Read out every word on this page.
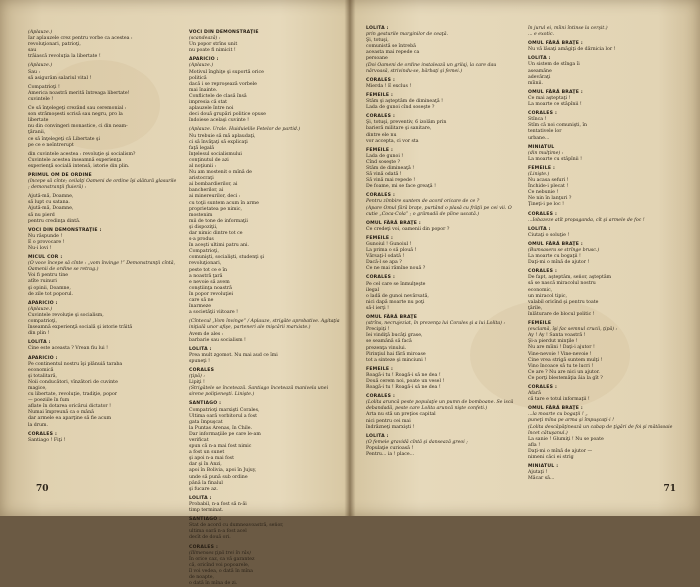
(Aplauze.)
Iar aplauzele crez pentru vorbe ca acestea :
revoluţionari, patrioţi,
sau
trăiască revoluţia la libertate !
(Aplauze.)
Sau :
să asigurăm salariul vital !
Compatrioţi !
America noastră merită întreaga libertate!
cuvintele !
Ce să înţelegeţi crezând sau ceremonial :
son strămoşesti scrisă sau negru, pro la
libertate
nu din convingeri monastice, ci din neam-
ţăranii,
ce să înţelegeţi că Libertate şi
pe ce e neîntrerupt
din cuvintele acestea : revoluţie şi socialism?
Cuvintele acestea inseamnă experienţa
experienţă socială intensă, istorie din plin.
PRIMUL OM DE ORDINE
(începe să cînte; ceilalţi Oameni de ordine îşi alătură glasurile ; demonstranţii fluieră) :
Ajută-mă, Doamne,
să lupt cu satana.
Ajută-mă, Doamne,
să nu pierd
pentru credinţa dintă.
VOCI DIN DEMONSTRAŢIE :
Nu răspunde !
E o provocare !
Nu-i lovi !
MICUL COR :
(O voce începe să cînte : „vom învinge !” Demonstranţii cîntă, Oamenii de ordine se retrag.)
Voi fi pentru tine
atîte ruinuri
şi opinii, Doamne,
de zile tot poporul.
APARICIO :
(Aplauze.)
Cuvintele revoluţie şi socialism,
compatrioţi,
înseamnă experienţă socială şi istorie trăită
din plin !
LOLITA :
Cine este aceasta ? Vrean fiu lui !
APARICIO :
Pe continentul nostru îşi plănuiă taraba
economică
şi totalitară,
Noii conducători, vînzători de cuvinte
magice,
cu libertate, revoluţie, tradiţie, popor
— poeziile în fum
aflate în dotarea oricărui dictator !
Numai împreună ca o mână
dar armele ea aparţine să fie acum
la drum.
CORALES :
Santiago ! Fiţi !
VOCI DIN DEMONSTRAŢIE
(scandează) :
Un popor strîns unit
nu poate fi nimicit !
APARICIO :
(Aplauze.)
Motivul înghiţe şi suportă orice
politică
dacă i se reproşează vorbele
mai înainte.
Conflictele de clasă însă
impresia că stat
aplauzele între noi
deci două grupări politice opuse
îndoiese acelaşi cuvinte !
(Aplauze. Urale. Huiduielile Fetelor de partid.)
Nu trebuie să mă aplaudaţi,
ci să învăţaţi să explicaţi
faţă legală
înţelesul socialismului
conţinutul de azi
al noţiunii :
Nu am mostenit o mînă de
aristocraţi
ai bombardierilor, ai
bancherilor, ai
ai minereurilor, deci :
cu toţii suntem acum în arme
proprietatea pe nimic,
mostenim
mii de tone de informaţii
şi dispoziţii,
dar nimic dintre tot ce
s-a produs
în aceşti ultimi patru ani.
Compatrioţi,
comunişti, socialişti, studenţi şi
revoluţionari,
peste tot ce e în
a noastră ţară
e nevoie să avem
conştiinţa noastră
în popor revoluţiei
care să ne
înarmeze
a societăţii viitoare !
(Cîntecul „Vom învinge” / Aplauze, strigăte aprobative. Agitaţia iniţială unor afişe, parteneri ale mişcării marxiste.)
Avem de ales :
barbarie sau socialism !
LOLITA :
Prea mult zgomot. Nu mai aud ce îmi
spuneţi !
CORALES
(ţipă) :
Lipiţi !
(Strigătele se încetează. Santiago încetează manivela unei sirene poliţieneşti. Linişte.)
SANTIAGO :
Compatrioţi marxişti Corales,
Ultima oară vorbitorul a fost
gata împuşcat
la Puntas Arenas, în Chile.
Dar informaţiile pe care le-am
verificat
spun că n-a mai fost nimic
a fost un sunet
şi apoi n-a mai fost
dar şi în Anzi,
apoi în Bolivia, apoi în Jujuy,
unde să pună sub ordine
până la finalul
şi fucare az.
LOLITA :
Probabil, n-a fost să n-ăi
timp terminat.
SANTIAGO :
Stat de acord cu dumneavoastră, señor,
ultima oară n-a fost acel
decît de două ori.
CORALES :
(Illmenses ţipă trei în râs)
În orice caz, ca vă garantez
că, oricînd voi popoarele,
îl voi vedea, o dată în mîna
de noapte,
o dată în mîna de zi.
70
LOLITA :
prin gesturile marginilor de ceaţă.
Şi, totuşi,
comunistă se întrebă
aceasta mai repede ca
persoane
(Doi Oameni de ordine instalează un grilaj, la care dau nărvoasă, strivindu-se, bărbaţi şi femei.)
CORALES :
Mierda ! E exclus !
FEMEILE :
Stăm şi aşteptăm de dimineaţă !
Lada de gunoi cînd soseşte ?
CORALES :
Şi, totuşi, preventiv, 6 izolăm prin
barieră militare şi sanitare,
dintre ele nu
vor accepta, ci vor sta
FEMEILE :
Lada de gunoi !
Cînd soseşte ?
Stăm de dimineaţă !
Să vină odată !
Să vină mai repede !
De foame, mi se face greaţă !
CORALES :
Pentru zîmbire suntem de acord oricare de ce ?
(Apare Omul fără braţe, purtând o plasă cu frăţii pe cei vii. O cutie „Coca-Cola” ; o grămadă de pîine uscată.)
OMUL FĂRĂ BRAŢE :
Ce credeţi voi, oamenii din popor ?
FEMEILE :
Gunoiul ! Gunoiul !
La prima o să plouă !
Vărsaţi-l odată !
Dacă-l se apa ?
Ce ne mai rămîne nouă ?
CORALES :
Pe cel care se înmulţeşte
ilegal
o ladă de gunoi nevărsată,
nici dapă moarte nu poţi
să-l ierţi !
OMUL FĂRĂ BRAŢE
(strîns, necrujeziat, în prezenţa lui Corales şi a lui Lolita) :
Precipiţi !
Iei vindiţă bucăţi grase,
se seamănă să facă
prezenţa vinului.
Pirinţiul hai fără miroase
tot a sinteze şi minciuni !
FEMEILE :
Roagă-i tu ! Roagă-i să ne dea !
Două cerem noi, poate un vesel !
Roagă-i tu ! Roagă-i să ne dea !
CORALES :
(Lolita aruncă peste populaţie un pumn de bomboane. Se iscă debandadă, peste care Lolita aruncă nişte confeti.)
Arta nu stă un preţios capital
nici pentru cei mai
îndrăzneţi marxişti !
LOLITA :
(O femeie gravidă cîntă şi dansează greoi ;
Populaţie curioasă !
Pentru... ia ! place...
în jurul ei, mîini întinse la cerşit.)
... e exotic.
OMUL FĂRĂ BRAŢE :
Nu vă lăsaţi amăgiţi de dărnicia lor !
LOLITA :
Un sistem de stînga îi
aseamăne
adevăraţi
mîinii.
OMUL FĂRĂ BRAŢE :
Ce mai aşteptaţi !
La moarte ce stăpînii !
CORALES :
Stînca !
Stîm că noi comunişti, în
tentativele lor
urbane...
MINIATUL
(din mulţime) :
La moarte cu stăpînii !
FEMEILE :
(Linişte.)
Nu acasa sefuri !
Închide-i plecat !
Ce nebunie !
Ne nin în lanţuri ?
Ţineţi-i pe loc !
CORALES :
...Iobazeze atît propaganda, cît şi armele de foc !
LOLITA :
Ciutaţi o soluţie !
OMUL FĂRĂ BRAŢE :
(Bumsasera se strînge brusc.)
La moarte cu bogaţii !
Daţi-mi o mînă de ajutor !
CORALES :
De fapt, aşteptăm, señor, aşteptăm
să se nască miracolul nostru
economic,
un miracol tipic,
valabil oricînd şi pentru toate
ţările,
înlăturare de blocul politic !
FEMEILE
(exclamă, îşi fac semnul crucii, ţipă) :
Ay ! Ay ! Santa voastră !
Şi-a pierdut minţile !
Nu are mîini ! Daţi-i ajutor !
Vine-nevoie ! Vine-nevoie !
Cine vrea strigă suntem mulţi !
Vino încoace să tu te lucri !
Ce are ? Nu are nici un ajutor.
Ce porţi blestemăţia ăia la gît ?
CORALES :
Afară
că tare e totul informaţii !
OMUL FĂRĂ BRAŢE :
...la moarte cu bogaţii ! „
puneţi mîna pe arma şi împuşcaţi-i !
(Lolita descăpăţinează un cabap de ţigări de foi şi mătăsoaie încet cătuşanul.)
La sanie ! Glumiţi ! Nu se poate
afla !
Daţi-mi o mînă de ajutor —
nimeni căci ei strig
MINIATUL :
Ajutaţi !
Măcar să...
71
